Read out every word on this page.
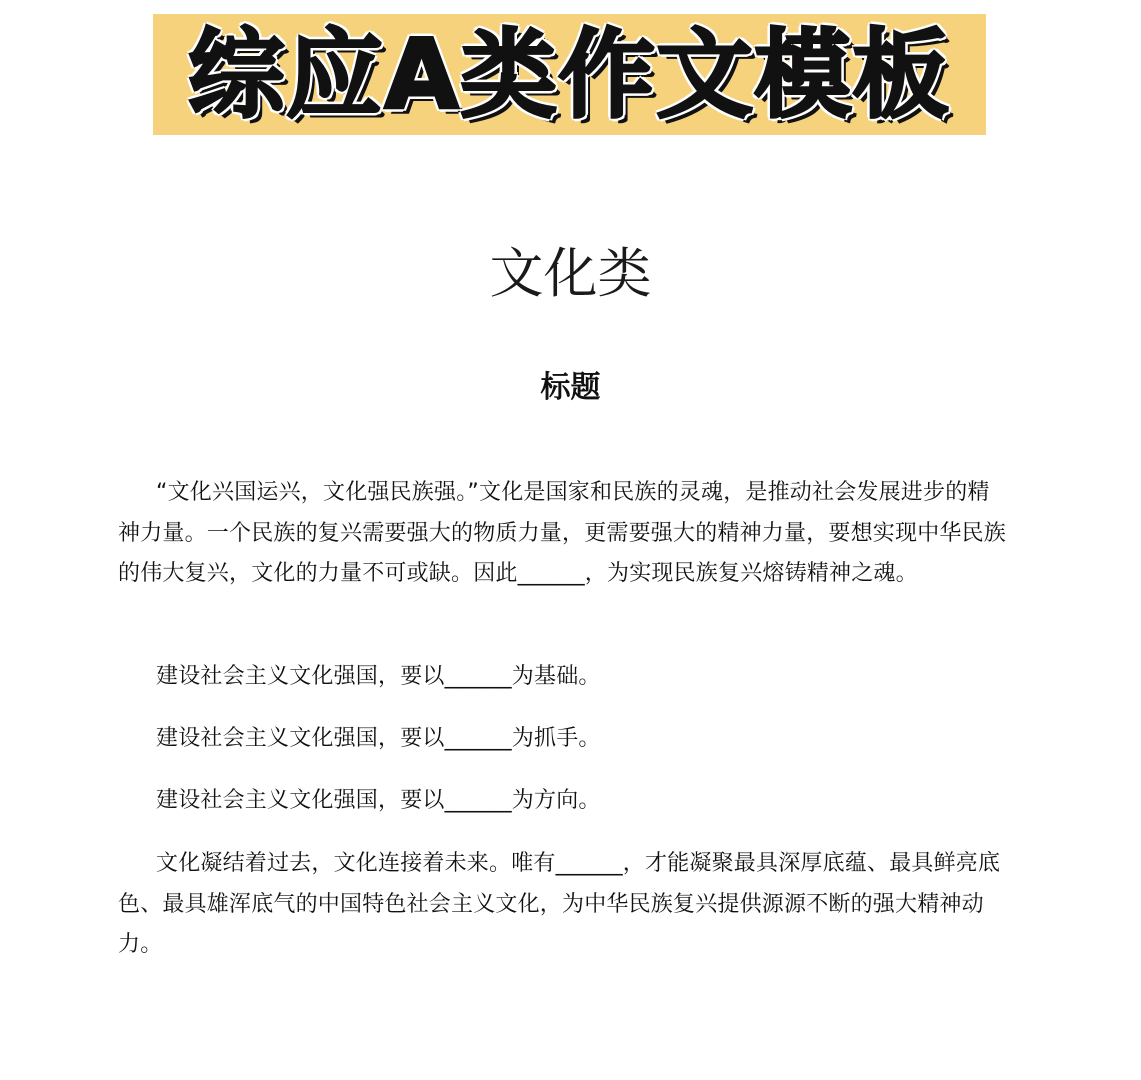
综应A类作文模板
文化类
标题

“文化兴国运兴，文化强民族强。”文化是国家和民族的灵魂，是推动社会发展进步的精神力量。一个民族的复兴需要强大的物质力量，更需要强大的精神力量，要想实现中华民族的伟大复兴，文化的力量不可或缺。因此______，为实现民族复兴熔铸精神之魂。

建设社会主义文化强国，要以______为基础。

建设社会主义文化强国，要以______为抓手。

建设社会主义文化强国，要以______为方向。

文化凝结着过去，文化连接着未来。唯有______，才能凝聚最具深厚底蕴、最具鲜亮底色、最具雄浑底气的中国特色社会主义文化，为中华民族复兴提供源源不断的强大精神动力。
